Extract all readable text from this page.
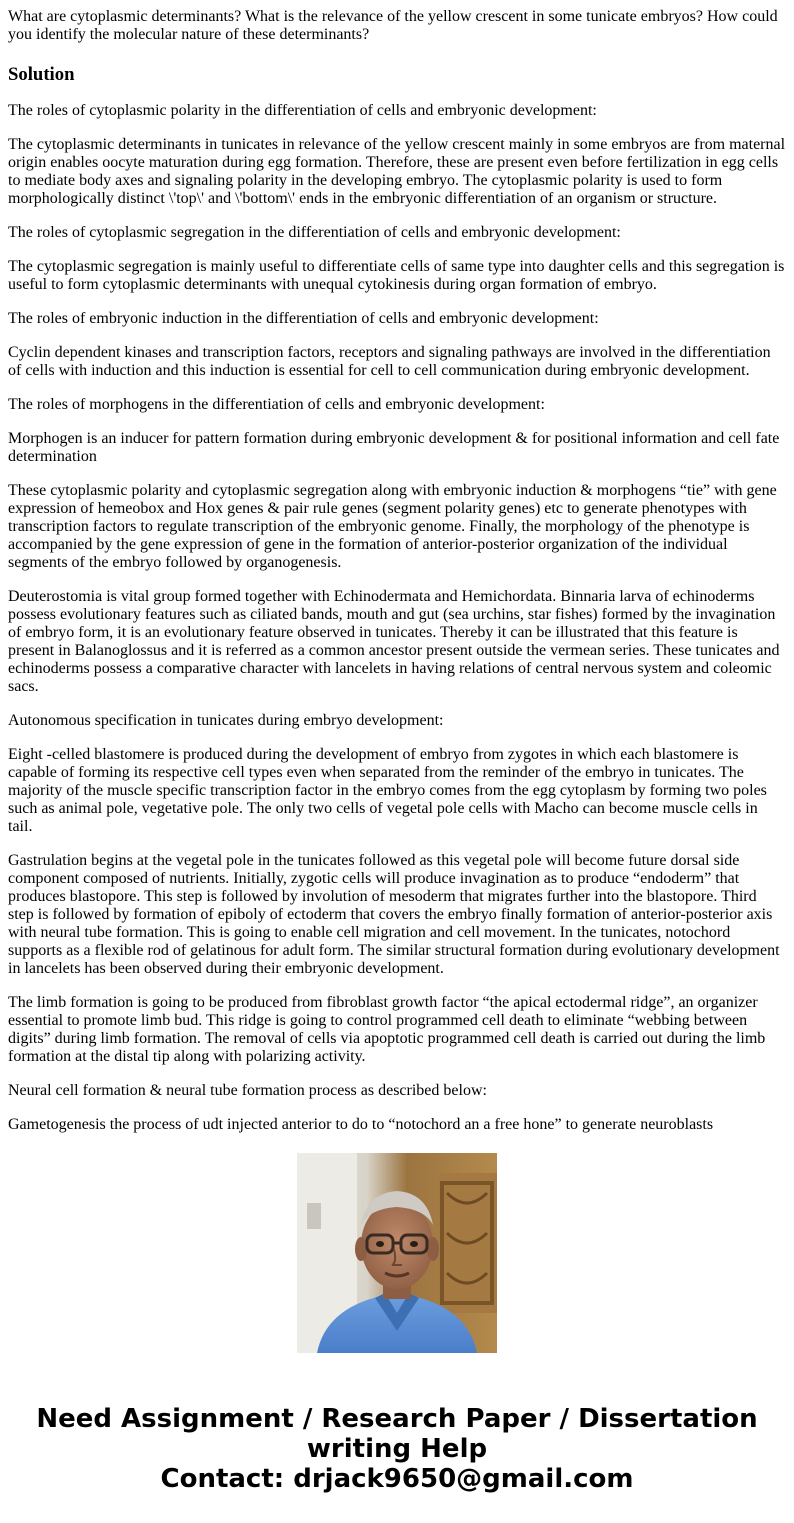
What are cytoplasmic determinants? What is the relevance of the yellow crescent in some tunicate embryos? How could you identify the molecular nature of these determinants?
Solution

The roles of cytoplasmic polarity in the differentiation of cells and embryonic development:

The cytoplasmic determinants in tunicates in relevance of the yellow crescent mainly in some embryos are from maternal origin enables oocyte maturation during egg formation. Therefore, these are present even before fertilization in egg cells to mediate body axes and signaling polarity in the developing embryo. The cytoplasmic polarity is used to form morphologically distinct \'top\' and \'bottom\' ends in the embryonic differentiation of an organism or structure.

The roles of cytoplasmic segregation in the differentiation of cells and embryonic development:

The cytoplasmic segregation is mainly useful to differentiate cells of same type into daughter cells and this segregation is useful to form cytoplasmic determinants with unequal cytokinesis during organ formation of embryo.

The roles of embryonic induction in the differentiation of cells and embryonic development:

Cyclin dependent kinases and transcription factors, receptors and signaling pathways are involved in the differentiation of cells with induction and this induction is essential for cell to cell communication during embryonic development.

The roles of morphogens in the differentiation of cells and embryonic development:

Morphogen is an inducer for pattern formation during embryonic development & for positional information and cell fate determination

These cytoplasmic polarity and cytoplasmic segregation along with embryonic induction & morphogens “tie” with gene expression of hemeobox and Hox genes & pair rule genes (segment polarity genes) etc to generate phenotypes with transcription factors to regulate transcription of the embryonic genome. Finally, the morphology of the phenotype is accompanied by the gene expression of gene in the formation of anterior-posterior organization of the individual segments of the embryo followed by organogenesis.

Deuterostomia is vital group formed together with Echinodermata and Hemichordata. Binnaria larva of echinoderms possess evolutionary features such as ciliated bands, mouth and gut (sea urchins, star fishes) formed by the invagination of embryo form, it is an evolutionary feature observed in tunicates. Thereby it can be illustrated that this feature is present in Balanoglossus and it is referred as a common ancestor present outside the vermean series. These tunicates and echinoderms possess a comparative character with lancelets in having relations of central nervous system and coleomic sacs.

Autonomous specification in tunicates during embryo development:

Eight -celled blastomere is produced during the development of embryo from zygotes in which each blastomere is capable of forming its respective cell types even when separated from the reminder of the embryo in tunicates. The majority of the muscle specific transcription factor in the embryo comes from the egg cytoplasm by forming two poles such as animal pole, vegetative pole. The only two cells of vegetal pole cells with Macho can become muscle cells in tail.

Gastrulation begins at the vegetal pole in the tunicates followed as this vegetal pole will become future dorsal side component composed of nutrients. Initially, zygotic cells will produce invagination as to produce “endoderm” that produces blastopore. This step is followed by involution of mesoderm that migrates further into the blastopore. Third step is followed by formation of epiboly of ectoderm that covers the embryo finally formation of anterior-posterior axis with neural tube formation. This is going to enable cell migration and cell movement. In the tunicates, notochord supports as a flexible rod of gelatinous for adult form. The similar structural formation during evolutionary development in lancelets has been observed during their embryonic development.

The limb formation is going to be produced from fibroblast growth factor “the apical ectodermal ridge”, an organizer essential to promote limb bud. This ridge is going to control programmed cell death to eliminate “webbing between digits” during limb formation. The removal of cells via apoptotic programmed cell death is carried out during the limb formation at the distal tip along with polarizing activity.

Neural cell formation & neural tube formation process as described below:

Gametogenesis the process of udt injected anterior to do to “notochord an a free hone” to generate neuroblasts

Need Assignment / Research Paper / Dissertation
writing Help
Contact: drjack9650@gmail.com
